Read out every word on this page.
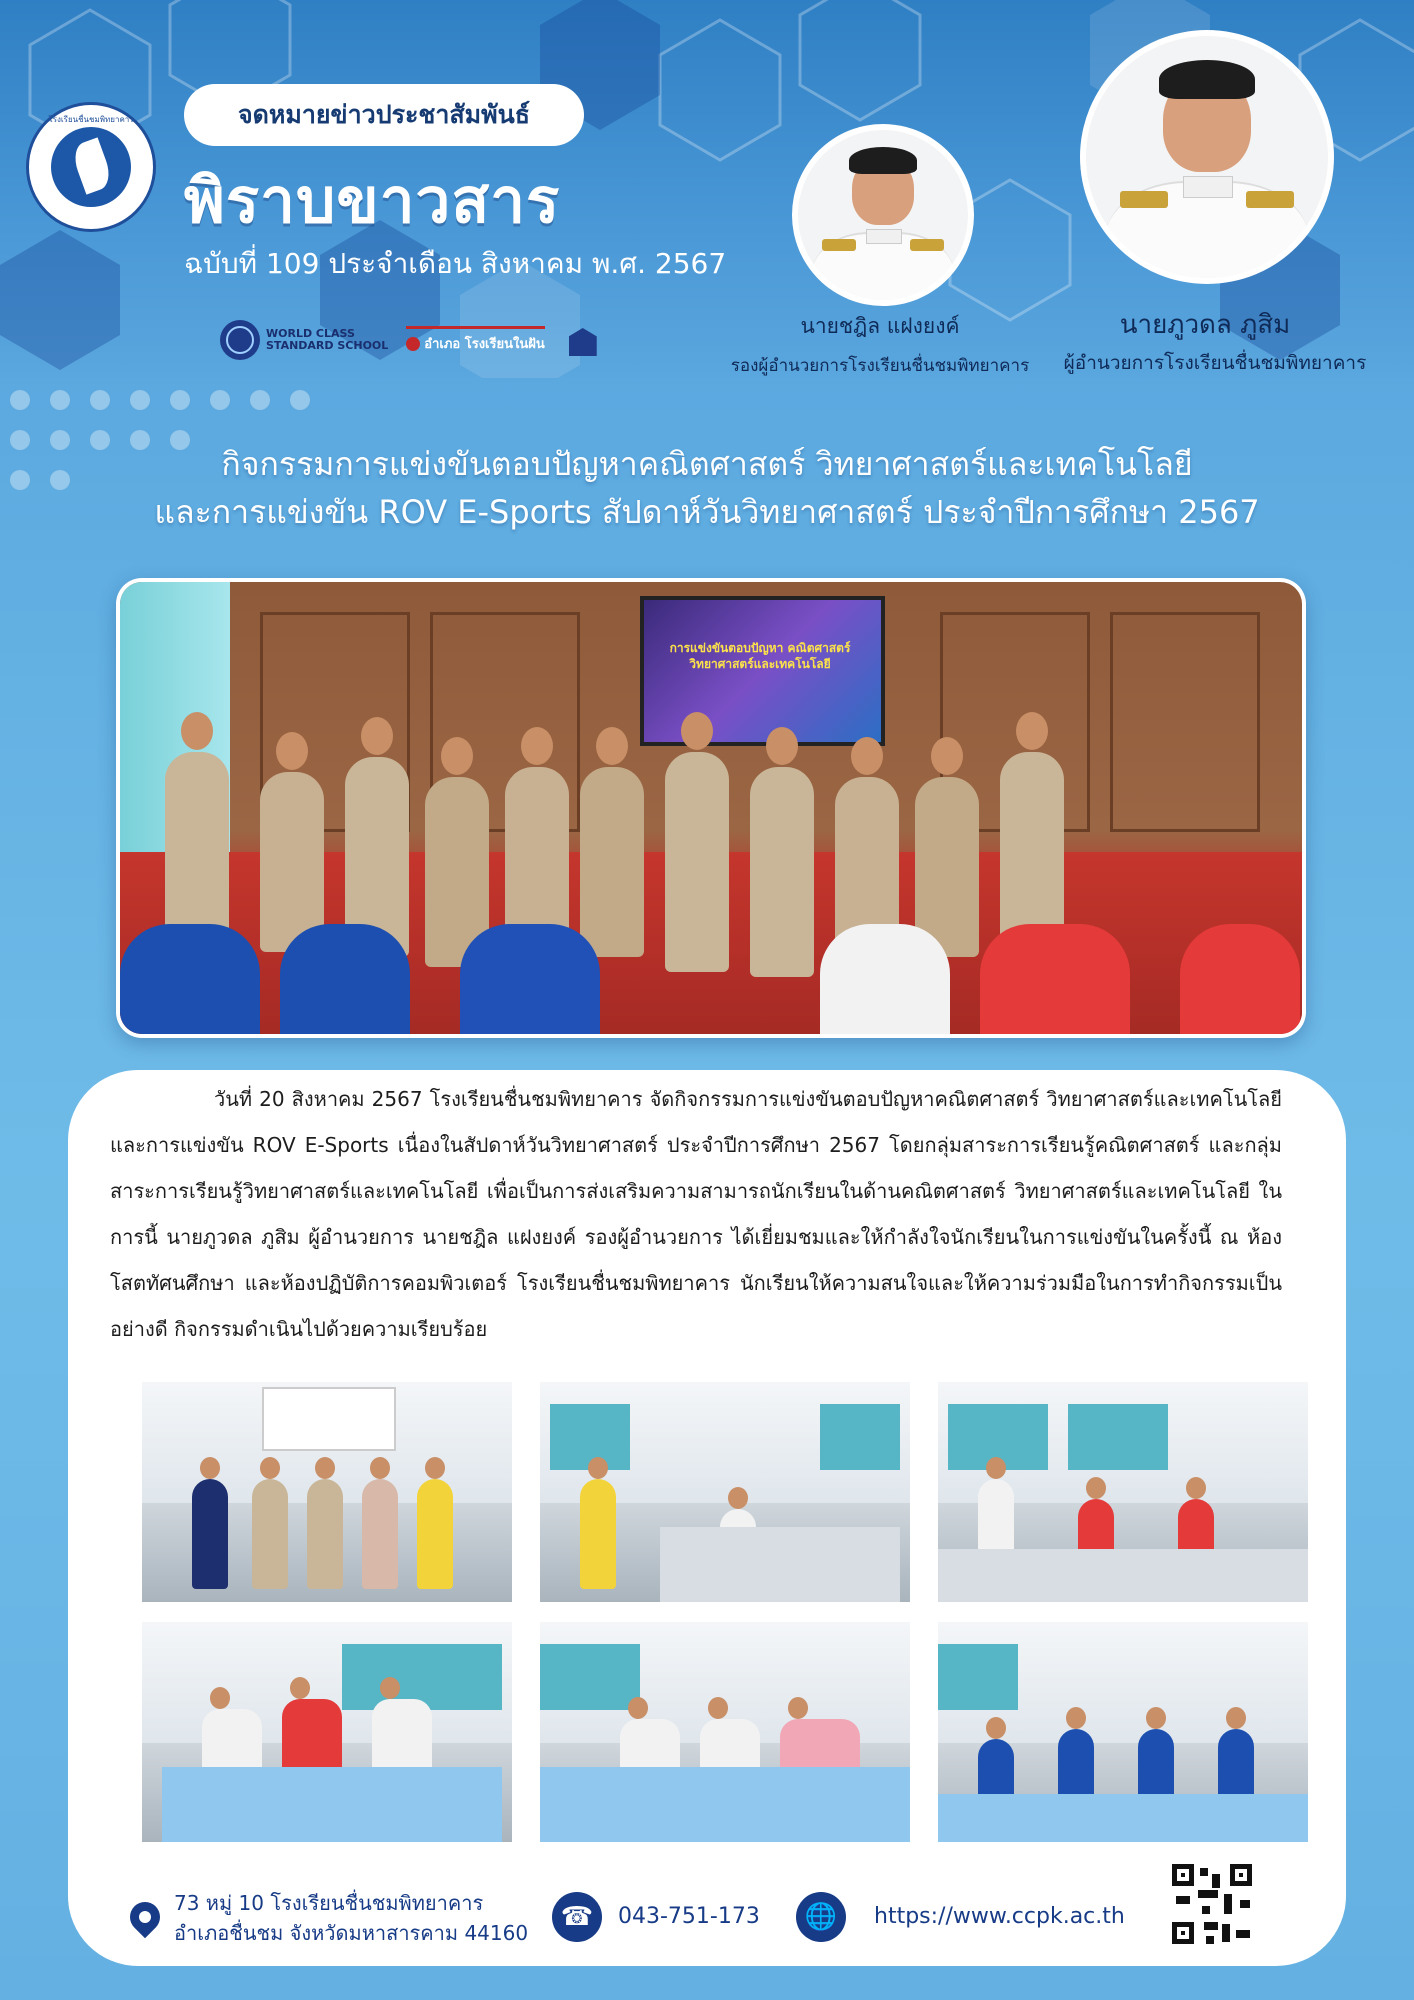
โรงเรียนชื่นชมพิทยาคาร	จดหมายข่าวประชาสัมพันธ์
พิราบขาวสาร
ฉบับที่ 109 ประจำเดือน สิงหาคม พ.ศ. 2567
WORLD CLASS
STANDARD SCHOOL	อำเภอ โรงเรียนในฝัน
นายชฎิล แฝงยงค์
รองผู้อำนวยการโรงเรียนชื่นชมพิทยาคาร
นายภูวดล ภูสิม
ผู้อำนวยการโรงเรียนชื่นชมพิทยาคาร
กิจกรรมการแข่งขันตอบปัญหาคณิตศาสตร์ วิทยาศาสตร์และเทคโนโลยี
และการแข่งขัน ROV E-Sports สัปดาห์วันวิทยาศาสตร์ ประจำปีการศึกษา 2567
การแข่งขันตอบปัญหา คณิตศาสตร์ วิทยาศาสตร์และเทคโนโลยี
วันที่ 20 สิงหาคม 2567 โรงเรียนชื่นชมพิทยาคาร จัดกิจกรรมการแข่งขันตอบปัญหาคณิตศาสตร์ วิทยาศาสตร์และเทคโนโลยี และการแข่งขัน ROV E-Sports เนื่องในสัปดาห์วันวิทยาศาสตร์ ประจำปีการศึกษา 2567 โดยกลุ่มสาระการเรียนรู้คณิตศาสตร์ และกลุ่มสาระการเรียนรู้วิทยาศาสตร์และเทคโนโลยี เพื่อเป็นการส่งเสริมความสามารถนักเรียนในด้านคณิตศาสตร์ วิทยาศาสตร์และเทคโนโลยี ในการนี้ นายภูวดล ภูสิม ผู้อำนวยการ นายชฎิล แฝงยงค์ รองผู้อำนวยการ ได้เยี่ยมชมและให้กำลังใจนักเรียนในการแข่งขันในครั้งนี้ ณ ห้องโสตทัศนศึกษา และห้องปฏิบัติการคอมพิวเตอร์ โรงเรียนชื่นชมพิทยาคาร นักเรียนให้ความสนใจและให้ความร่วมมือในการทำกิจกรรมเป็นอย่างดี กิจกรรมดำเนินไปด้วยความเรียบร้อย
73 หมู่ 10 โรงเรียนชื่นชมพิทยาคาร
อำเภอชื่นชม จังหวัดมหาสารคาม 44160
☎	043-751-173	🌐	https://www.ccpk.ac.th
